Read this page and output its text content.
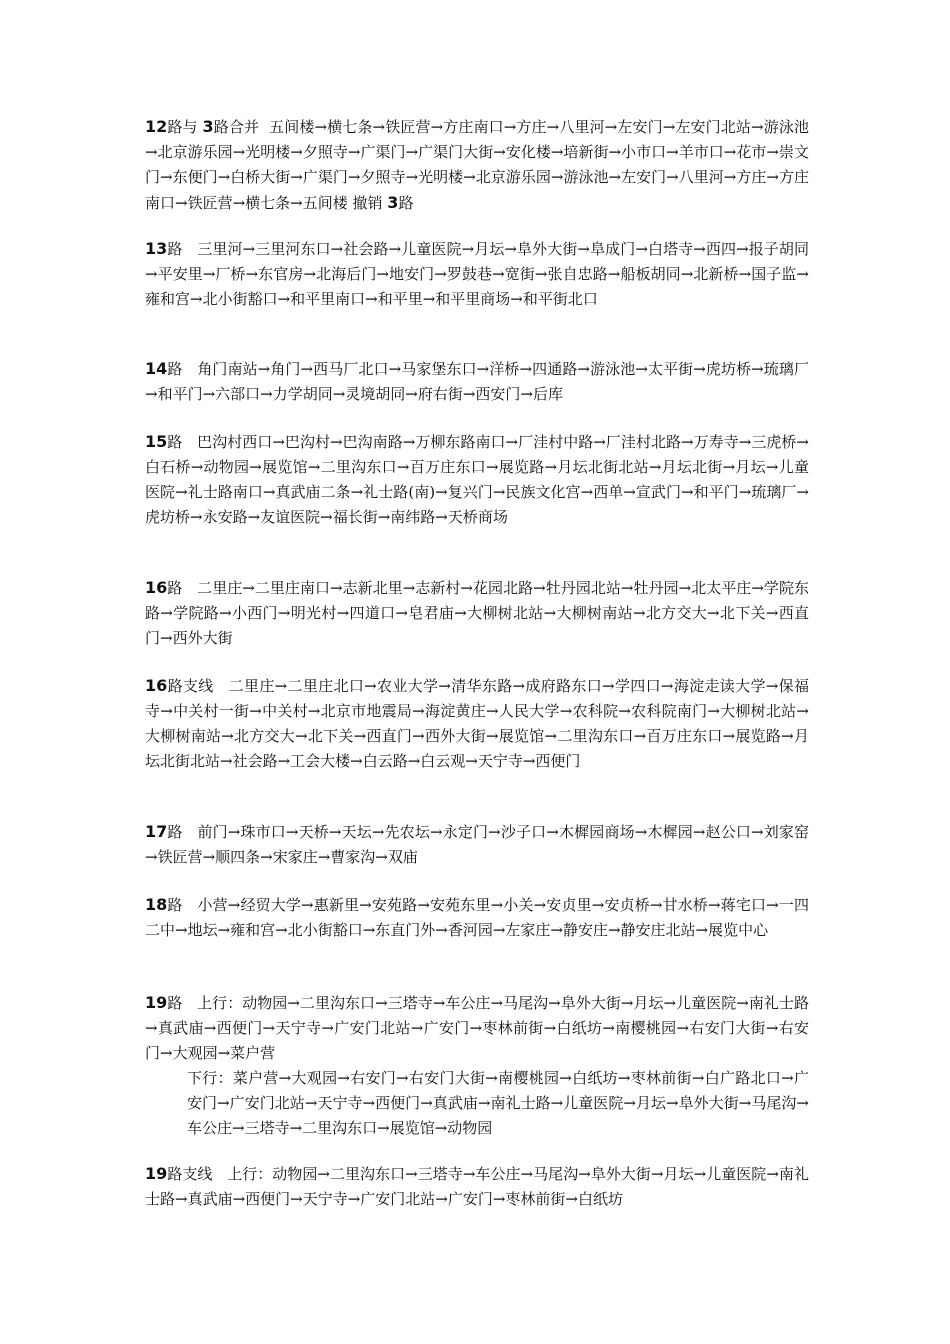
12路与 3路合并 五间楼→横七条→铁匠营→方庄南口→方庄→八里河→左安门→左安门北站→游泳池→北京游乐园→光明楼→夕照寺→广渠门→广渠门大街→安化楼→培新街→小市口→羊市口→花市→崇文门→东便门→白桥大街→广渠门→夕照寺→光明楼→北京游乐园→游泳池→左安门→八里河→方庄→方庄南口→铁匠营→横七条→五间楼 撤销 3路
13路 三里河→三里河东口→社会路→儿童医院→月坛→阜外大街→阜成门→白塔寺→西四→报子胡同→平安里→厂桥→东官房→北海后门→地安门→罗鼓巷→宽街→张自忠路→船板胡同→北新桥→国子监→雍和宫→北小街豁口→和平里南口→和平里→和平里商场→和平街北口
14路 角门南站→角门→西马厂北口→马家堡东口→洋桥→四通路→游泳池→太平街→虎坊桥→琉璃厂→和平门→六部口→力学胡同→灵境胡同→府右街→西安门→后库
15路 巴沟村西口→巴沟村→巴沟南路→万柳东路南口→厂洼村中路→厂洼村北路→万寿寺→三虎桥→白石桥→动物园→展览馆→二里沟东口→百万庄东口→展览路→月坛北街北站→月坛北街→月坛→儿童医院→礼士路南口→真武庙二条→礼士路(南)→复兴门→民族文化宫→西单→宣武门→和平门→琉璃厂→虎坊桥→永安路→友谊医院→福长街→南纬路→天桥商场
16路 二里庄→二里庄南口→志新北里→志新村→花园北路→牡丹园北站→牡丹园→北太平庄→学院东路→学院路→小西门→明光村→四道口→皂君庙→大柳树北站→大柳树南站→北方交大→北下关→西直门→西外大街
16路支线 二里庄→二里庄北口→农业大学→清华东路→成府路东口→学四口→海淀走读大学→保福寺→中关村一街→中关村→北京市地震局→海淀黄庄→人民大学→农科院→农科院南门→大柳树北站→大柳树南站→北方交大→北下关→西直门→西外大街→展览馆→二里沟东口→百万庄东口→展览路→月坛北街北站→社会路→工会大楼→白云路→白云观→天宁寺→西便门
17路 前门→珠市口→天桥→天坛→先农坛→永定门→沙子口→木樨园商场→木樨园→赵公口→刘家窑→铁匠营→顺四条→宋家庄→曹家沟→双庙
18路 小营→经贸大学→惠新里→安苑路→安苑东里→小关→安贞里→安贞桥→甘水桥→蒋宅口→一四二中→地坛→雍和宫→北小街豁口→东直门外→香河园→左家庄→静安庄→静安庄北站→展览中心
19路 上行：动物园→二里沟东口→三塔寺→车公庄→马尾沟→阜外大街→月坛→儿童医院→南礼士路→真武庙→西便门→天宁寺→广安门北站→广安门→枣林前街→白纸坊→南樱桃园→右安门大街→右安门→大观园→菜户营
下行：菜户营→大观园→右安门→右安门大街→南樱桃园→白纸坊→枣林前街→白广路北口→广安门→广安门北站→天宁寺→西便门→真武庙→南礼士路→儿童医院→月坛→阜外大街→马尾沟→车公庄→三塔寺→二里沟东口→展览馆→动物园
19路支线 上行：动物园→二里沟东口→三塔寺→车公庄→马尾沟→阜外大街→月坛→儿童医院→南礼士路→真武庙→西便门→天宁寺→广安门北站→广安门→枣林前街→白纸坊
